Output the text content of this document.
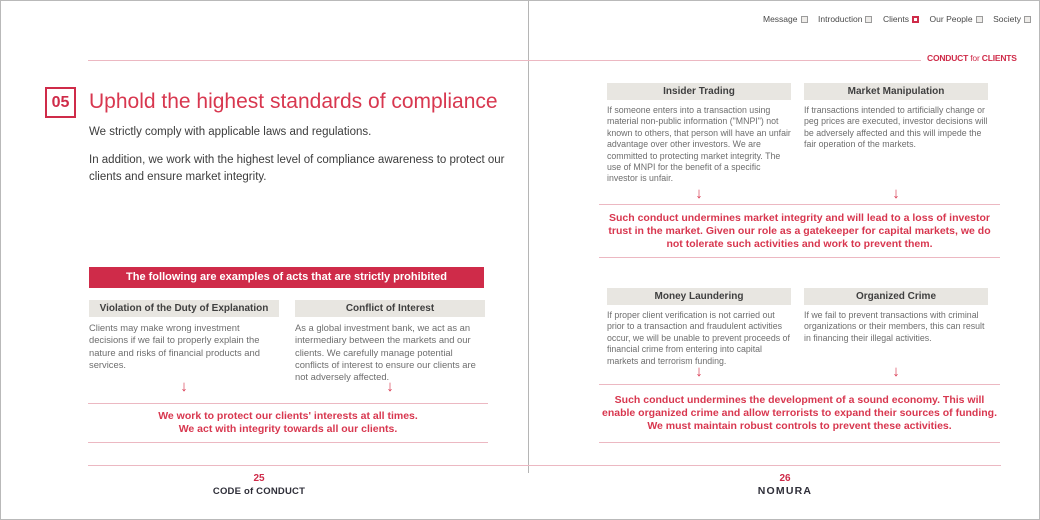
Message Introduction Clients Our People Society
CONDUCT for CLIENTS
05 Uphold the highest standards of compliance
We strictly comply with applicable laws and regulations.
In addition, we work with the highest level of compliance awareness to protect our clients and ensure market integrity.
The following are examples of acts that are strictly prohibited
Violation of the Duty of Explanation
Clients may make wrong investment decisions if we fail to properly explain the nature and risks of financial products and services.
Conflict of Interest
As a global investment bank, we act as an intermediary between the markets and our clients. We carefully manage potential conflicts of interest to ensure our clients are not adversely affected.
↓	↓
We work to protect our clients' interests at all times.
We act with integrity towards all our clients.
25
CODE of CONDUCT
Insider Trading
If someone enters into a transaction using material non-public information ("MNPI") not known to others, that person will have an unfair advantage over other investors. We are committed to protecting market integrity. The use of MNPI for the benefit of a specific investor is unfair.
Market Manipulation
If transactions intended to artificially change or peg prices are executed, investor decisions will be adversely affected and this will impede the fair operation of the markets.
↓	↓
Such conduct undermines market integrity and will lead to a loss of investor trust in the market. Given our role as a gatekeeper for capital markets, we do not tolerate such activities and work to prevent them.
Money Laundering
If proper client verification is not carried out prior to a transaction and fraudulent activities occur, we will be unable to prevent proceeds of financial crime from entering into capital markets and terrorism funding.
Organized Crime
If we fail to prevent transactions with criminal organizations or their members, this can result in financing their illegal activities.
↓	↓
Such conduct undermines the development of a sound economy. This will enable organized crime and allow terrorists to expand their sources of funding. We must maintain robust controls to prevent these activities.
26
NOMURA
